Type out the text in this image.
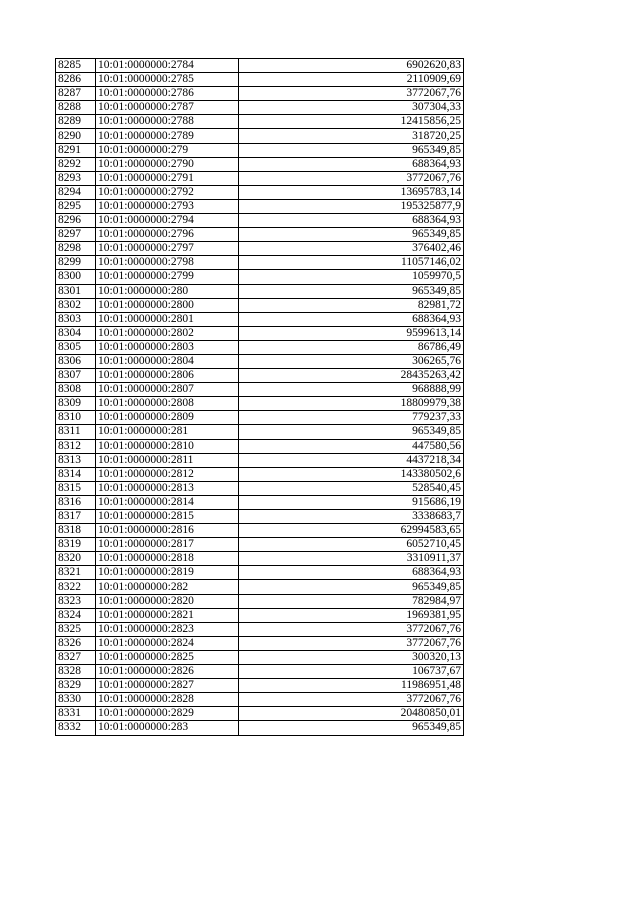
8285	10:01:0000000:2784	6902620,83
8286	10:01:0000000:2785	2110909,69
8287	10:01:0000000:2786	3772067,76
8288	10:01:0000000:2787	307304,33
8289	10:01:0000000:2788	12415856,25
8290	10:01:0000000:2789	318720,25
8291	10:01:0000000:279	965349,85
8292	10:01:0000000:2790	688364,93
8293	10:01:0000000:2791	3772067,76
8294	10:01:0000000:2792	13695783,14
8295	10:01:0000000:2793	195325877,9
8296	10:01:0000000:2794	688364,93
8297	10:01:0000000:2796	965349,85
8298	10:01:0000000:2797	376402,46
8299	10:01:0000000:2798	11057146,02
8300	10:01:0000000:2799	1059970,5
8301	10:01:0000000:280	965349,85
8302	10:01:0000000:2800	82981,72
8303	10:01:0000000:2801	688364,93
8304	10:01:0000000:2802	9599613,14
8305	10:01:0000000:2803	86786,49
8306	10:01:0000000:2804	306265,76
8307	10:01:0000000:2806	28435263,42
8308	10:01:0000000:2807	968888,99
8309	10:01:0000000:2808	18809979,38
8310	10:01:0000000:2809	779237,33
8311	10:01:0000000:281	965349,85
8312	10:01:0000000:2810	447580,56
8313	10:01:0000000:2811	4437218,34
8314	10:01:0000000:2812	143380502,6
8315	10:01:0000000:2813	528540,45
8316	10:01:0000000:2814	915686,19
8317	10:01:0000000:2815	3338683,7
8318	10:01:0000000:2816	62994583,65
8319	10:01:0000000:2817	6052710,45
8320	10:01:0000000:2818	3310911,37
8321	10:01:0000000:2819	688364,93
8322	10:01:0000000:282	965349,85
8323	10:01:0000000:2820	782984,97
8324	10:01:0000000:2821	1969381,95
8325	10:01:0000000:2823	3772067,76
8326	10:01:0000000:2824	3772067,76
8327	10:01:0000000:2825	300320,13
8328	10:01:0000000:2826	106737,67
8329	10:01:0000000:2827	11986951,48
8330	10:01:0000000:2828	3772067,76
8331	10:01:0000000:2829	20480850,01
8332	10:01:0000000:283	965349,85
